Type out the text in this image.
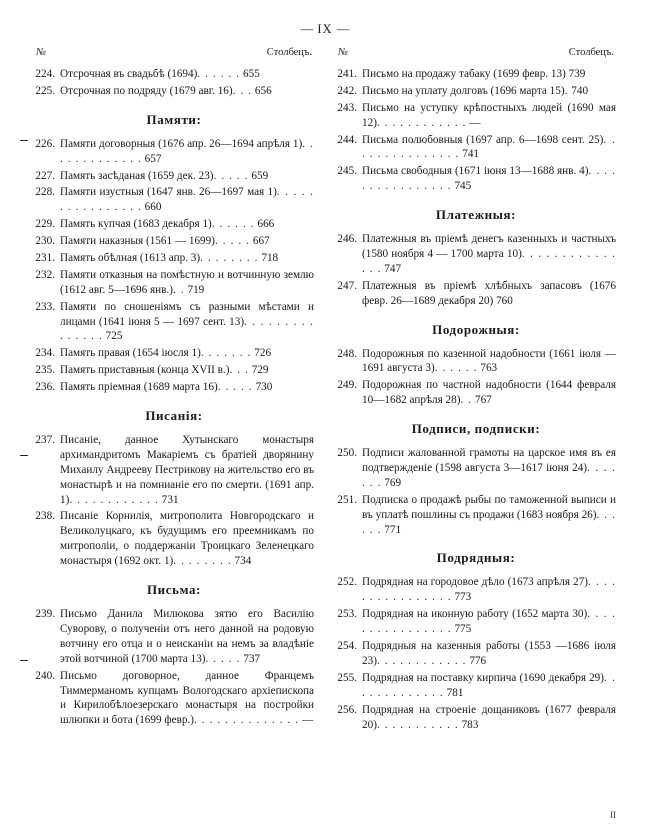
— IX —
№	Столбецъ.
224. Отсрочная въ свадьбѣ (1694). . . . . . 655
225. Отсрочная по подряду (1679 авг. 16). . . 656
Памяти:
226. Памяти договорныя (1676 апр. 26—1694 апрѣля 1). . . . . . . . . . . . . 657
227. Память засѣданая (1659 дек. 23). . . . . 659
228. Памяти изустныя (1647 янв. 26—1697 мая 1). . . . . . . . . . . . . . . . 660
229. Память купчая (1683 декабря 1). . . . . . 666
230. Памяти наказныя (1561 — 1699). . . . . 667
231. Память обѣлная (1613 апр. 3). . . . . . . . 718
232. Памяти отказныя на помѣстную и вотчинную землю (1612 авг. 5—1696 янв.). . 719
233. Памяти по сношеніямъ съ разными мѣстами и лицами (1641 іюня 5 — 1697 сент. 13). . . . . . . . . . . . . . . 725
234. Память правая (1654 іюсля 1). . . . . . . 726
235. Память приставныя (конца XVII в.). . . 729
236. Память пріемная (1689 марта 16). . . . . 730
Писанія:
237. Писаніе, данное Хутынскаго монастыря архимандритомъ Макаріемъ съ братіей дворянину Михаилу Андрееву Пестрикову на жительство его въ монастырѣ и на помнианіе его по смерти. (1691 апр. 1). . . . . . . . . . . . 731
238. Писаніе Корнилія, митрополита Новгородскаго и Великолуцкаго, къ будущимъ его преемникамъ по митрополіи, о поддержаніи Троицкаго Зеленецкаго монастыря (1692 окт. 1). . . . . . . . 734
Письма:
239. Письмо Данила Милюкова зятю его Василію Суворову, о полученіи отъ него данной на родовую вотчину его отца и о неисканіи на немъ за владѣнie этой вотчиной (1700 марта 13). . . . . 737
240. Письмо договорное, данное Францемъ Тиммерманомъ купцамъ Вологодскаго архіепископа и Кирилобѣлоезерскаго монастыря на постройки шлюпки и бота (1699 февр.). . . . . . . . . . . . . . —
№	Столбецъ.
241. Письмо на продажу табаку (1699 февр. 13) 739
242. Письмо на уплату долговъ (1696 марта 15). 740
243. Письмо на уступку крѣпостныхъ людей (1690 мая 12). . . . . . . . . . . . —
244. Письма полюбовныя (1697 апр. 6—1698 сент. 25). . . . . . . . . . . . . . . 741
245. Письма свободныя (1671 іюня 13—1688 янв. 4). . . . . . . . . . . . . . . . 745
Платежныя:
246. Платежныя въ пріемѣ денегъ казенныхъ и частныхъ (1580 ноября 4 — 1700 марта 10). . . . . . . . . . . . . . . 747
247. Платежныя въ пріемѣ хлѣбныхъ запасовъ (1676 февр. 26—1689 декабря 20) 760
Подорожныя:
248. Подорожныя по казенной надобности (1661 іюля — 1691 августа 3). . . . . . 763
249. Подорожная по частной надобности (1644 февраля 10—1682 апрѣля 28). . 767
Подписи, подписки:
250. Подписи жалованной грамоты на царское имя въ ея подтвержденіе (1598 августа 3—1617 іюня 24). . . . . . . 769
251. Подписка о продажѣ рыбы по таможенной выписи и въ уплатѣ пошлины съ продажи (1683 ноября 26). . . . . . 771
Подрядныя:
252. Подрядная на городовое дѣло (1673 апрѣля 27). . . . . . . . . . . . . . . . 773
253. Подрядная на иконную работу (1652 марта 30). . . . . . . . . . . . . . . . 775
254. Подрядныя на казенныя работы (1553 —1686 іюля 23). . . . . . . . . . . . 776
255. Подрядная на поставку кирпича (1690 декабря 29). . . . . . . . . . . . . 781
256. Подрядная на строеніе дощаниковъ (1677 февраля 20). . . . . . . . . . . 783
II
